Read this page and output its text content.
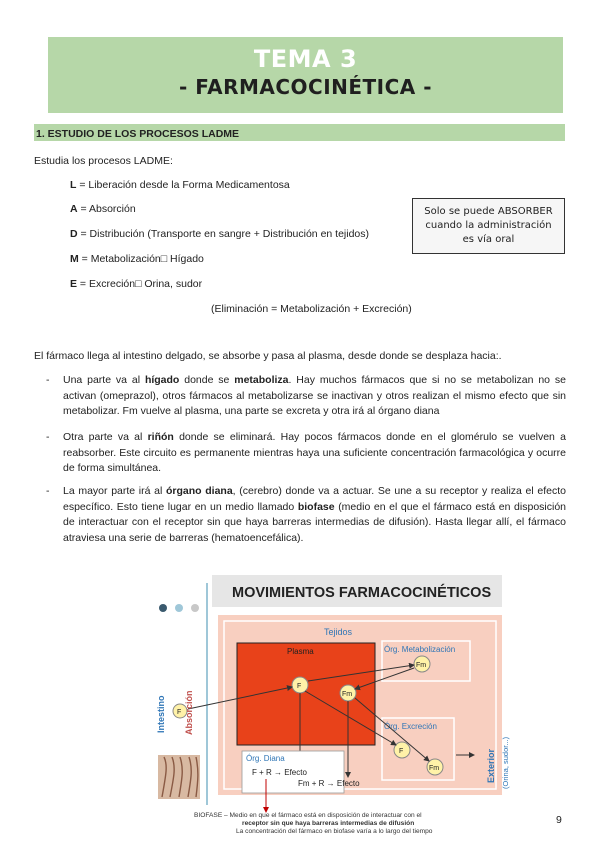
TEMA 3
- FARMACOCINÉTICA -
1. ESTUDIO DE LOS PROCESOS LADME
Estudia los procesos LADME:
L = Liberación desde la Forma Medicamentosa
A = Absorción
D = Distribución (Transporte en sangre + Distribución en tejidos)
M = Metabolización□ Hígado
E = Excreción□ Orina, sudor
(Eliminación = Metabolización + Excreción)
Solo se puede ABSORBER
cuando la administración
es vía oral
El fármaco llega al intestino delgado, se absorbe y pasa al plasma, desde donde se desplaza hacia:.
- Una parte va al hígado donde se metaboliza. Hay muchos fármacos que si no se metabolizan no se activan (omeprazol), otros fármacos al metabolizarse se inactivan y otros realizan el mismo efecto que sin metabolizar. Fm vuelve al plasma, una parte se excreta y otra irá al órgano diana
- Otra parte va al riñón donde se eliminará. Hay pocos fármacos donde en el glomérulo se vuelven a reabsorber. Este circuito es permanente mientras haya una suficiente concentración farmacológica y ocurre de forma simultánea.
- La mayor parte irá al órgano diana, (cerebro) donde va a actuar. Se une a su receptor y realiza el efecto específico. Esto tiene lugar en un medio llamado biofase (medio en el que el fármaco está en disposición de interactuar con el receptor sin que haya barreras intermedias de difusión). Hasta llegar allí, el fármaco atraviesa una serie de barreras (hematoencefálica).
MOVIMIENTOS FARMACOCINÉTICOS
Tejidos
Plasma	Órg. Metabolización
Fm
Órg. Excreción
F
Fm
F
Fm
F
Órg. Diana
F + R → Efecto
Fm + R → Efecto
Intestino Absorción
Exterior (Orina, sudor...)
BIOFASE – Medio en que el fármaco está en disposición de interactuar con el
receptor sin que haya barreras intermedias de difusión
La concentración del fármaco en biofase varía a lo largo del tiempo
9
